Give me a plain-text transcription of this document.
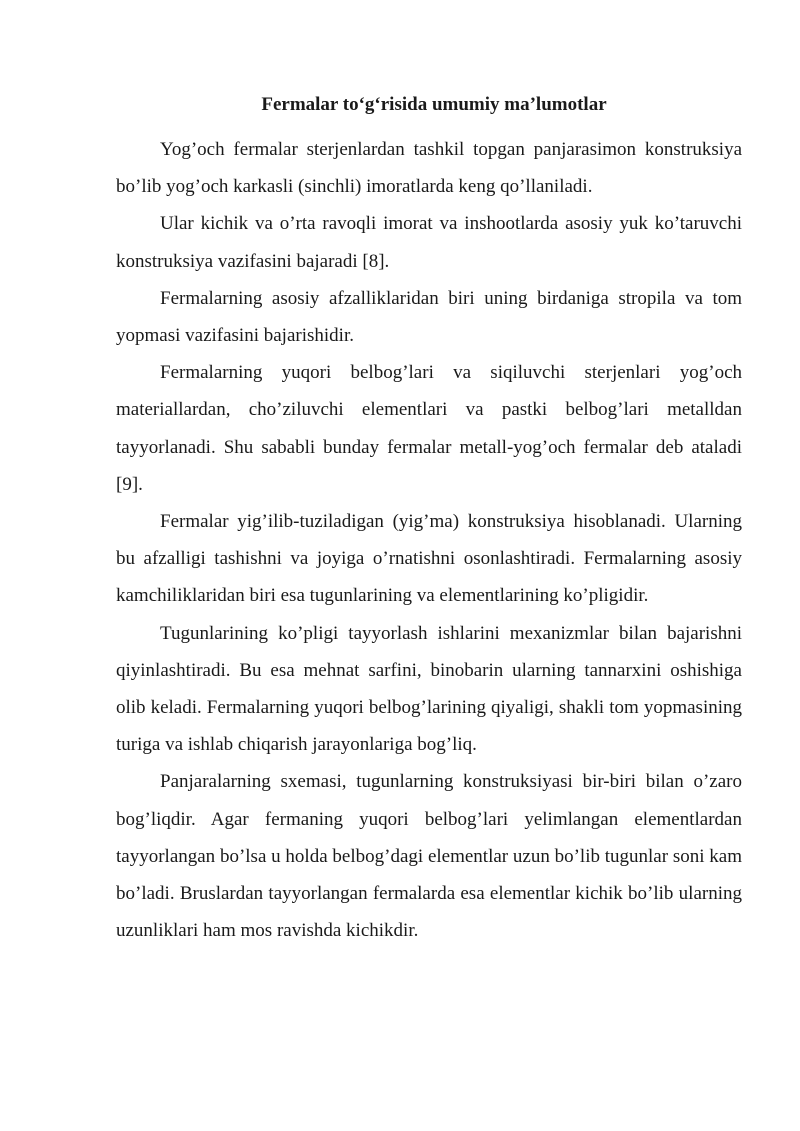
Fermalar to‘g‘risida umumiy ma’lumotlar

Yog’och fermalar sterjenlardan tashkil topgan panjarasimon konstruksiya bo’lib yog’och karkasli (sinchli) imoratlarda keng qo’llaniladi.

Ular kichik va o’rta ravoqli imorat va inshootlarda asosiy yuk ko’taruvchi konstruksiya vazifasini bajaradi [8].

Fermalarning asosiy afzalliklaridan biri uning birdaniga stropila va tom yopmasi vazifasini bajarishidir.

Fermalarning yuqori belbog’lari va siqiluvchi sterjenlari yog’och materiallardan, cho’ziluvchi elementlari va pastki belbog’lari metalldan tayyorlanadi. Shu sababli bunday fermalar metall-yog’och fermalar deb ataladi [9].

Fermalar yig’ilib-tuziladigan (yig’ma) konstruksiya hisoblanadi. Ularning bu afzalligi tashishni va joyiga o’rnatishni osonlashtiradi. Fermalarning asosiy kamchiliklaridan biri esa tugunlarining va elementlarining ko’pligidir.

Tugunlarining ko’pligi tayyorlash ishlarini mexanizmlar bilan bajarishni qiyinlashtiradi. Bu esa mehnat sarfini, binobarin ularning tannarxini oshishiga olib keladi. Fermalarning yuqori belbog’larining qiyaligi, shakli tom yopmasining turiga va ishlab chiqarish jarayonlariga bog’liq.

Panjaralarning sxemasi, tugunlarning konstruksiyasi bir-biri bilan o’zaro bog’liqdir. Agar fermaning yuqori belbog’lari yelimlangan elementlardan tayyorlangan bo’lsa u holda belbog’dagi elementlar uzun bo’lib tugunlar soni kam bo’ladi. Bruslardan tayyorlangan fermalarda esa elementlar kichik bo’lib ularning uzunliklari ham mos ravishda kichikdir.
